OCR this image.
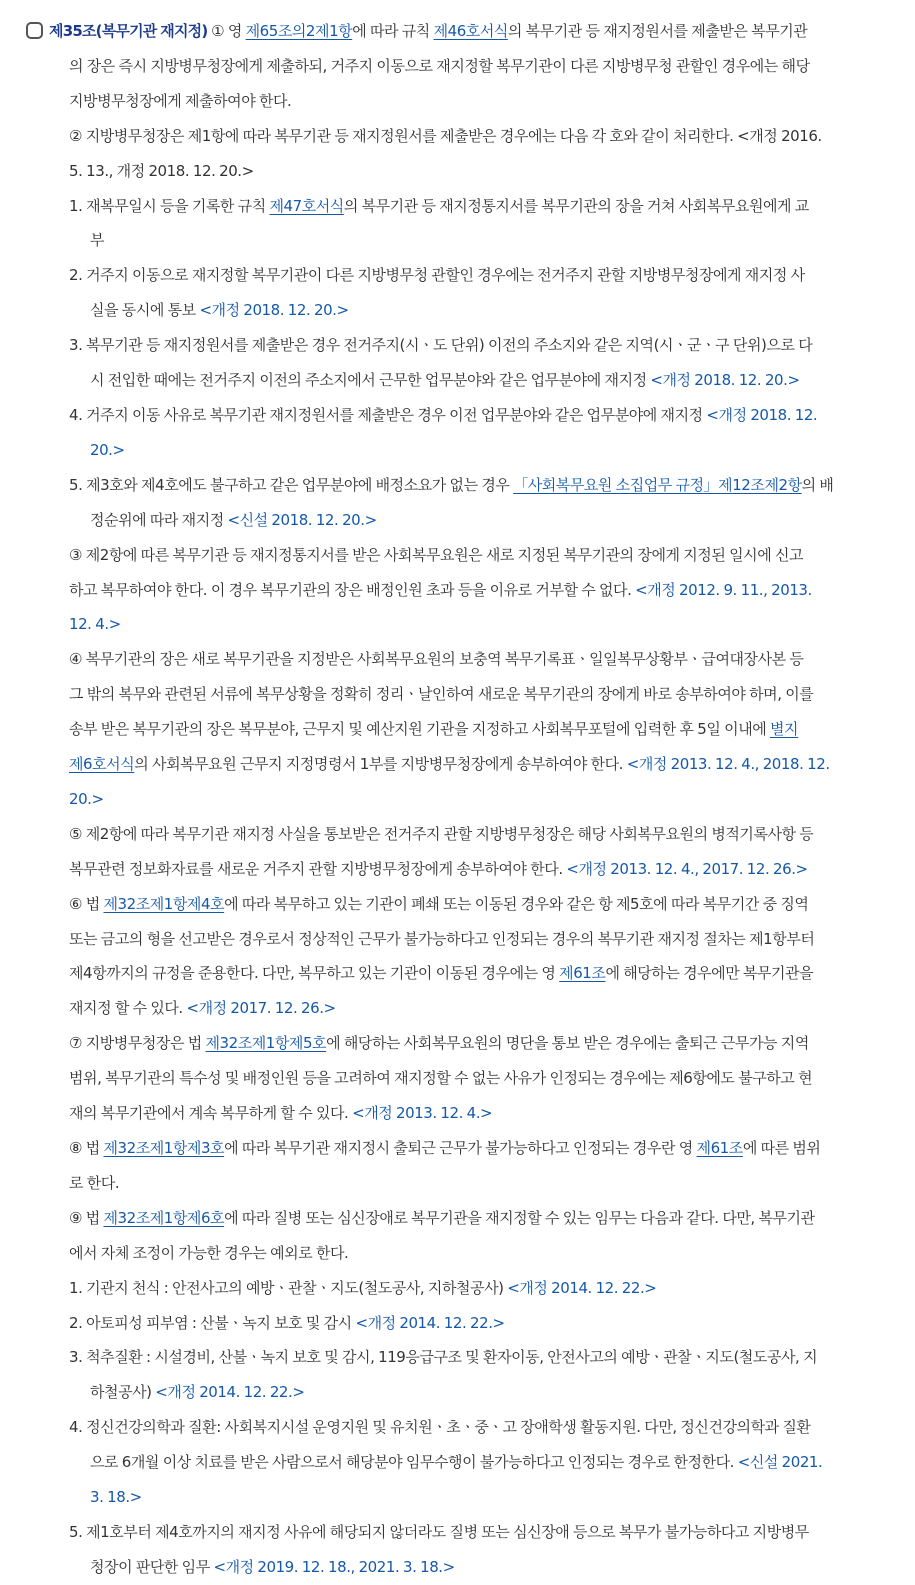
제35조(복무기관 재지정) ① 영 제65조의2제1항에 따라 규칙 제46호서식의 복무기관 등 재지정원서를 제출받은 복무기관
의 장은 즉시 지방병무청장에게 제출하되, 거주지 이동으로 재지정할 복무기관이 다른 지방병무청 관할인 경우에는 해당
지방병무청장에게 제출하여야 한다.
② 지방병무청장은 제1항에 따라 복무기관 등 재지정원서를 제출받은 경우에는 다음 각 호와 같이 처리한다. <개정 2016.
5. 13., 개정 2018. 12. 20.>
1. 재복무일시 등을 기록한 규칙 제47호서식의 복무기관 등 재지정통지서를 복무기관의 장을 거쳐 사회복무요원에게 교
부
2. 거주지 이동으로 재지정할 복무기관이 다른 지방병무청 관할인 경우에는 전거주지 관할 지방병무청장에게 재지정 사
실을 동시에 통보 <개정 2018. 12. 20.>
3. 복무기관 등 재지정원서를 제출받은 경우 전거주지(시ㆍ도 단위) 이전의 주소지와 같은 지역(시ㆍ군ㆍ구 단위)으로 다
시 전입한 때에는 전거주지 이전의 주소지에서 근무한 업무분야와 같은 업무분야에 재지정 <개정 2018. 12. 20.>
4. 거주지 이동 사유로 복무기관 재지정원서를 제출받은 경우 이전 업무분야와 같은 업무분야에 재지정 <개정 2018. 12.
20.>
5. 제3호와 제4호에도 불구하고 같은 업무분야에 배정소요가 없는 경우 「사회복무요원 소집업무 규정」제12조제2항의 배
정순위에 따라 재지정 <신설 2018. 12. 20.>
③ 제2항에 따른 복무기관 등 재지정통지서를 받은 사회복무요원은 새로 지정된 복무기관의 장에게 지정된 일시에 신고
하고 복무하여야 한다. 이 경우 복무기관의 장은 배정인원 초과 등을 이유로 거부할 수 없다. <개정 2012. 9. 11., 2013.
12. 4.>
④ 복무기관의 장은 새로 복무기관을 지정받은 사회복무요원의 보충역 복무기록표ㆍ일일복무상황부ㆍ급여대장사본 등
그 밖의 복무와 관련된 서류에 복무상황을 정확히 정리ㆍ날인하여 새로운 복무기관의 장에게 바로 송부하여야 하며, 이를
송부 받은 복무기관의 장은 복무분야, 근무지 및 예산지원 기관을 지정하고 사회복무포털에 입력한 후 5일 이내에 별지
제6호서식의 사회복무요원 근무지 지정명령서 1부를 지방병무청장에게 송부하여야 한다. <개정 2013. 12. 4., 2018. 12.
20.>
⑤ 제2항에 따라 복무기관 재지정 사실을 통보받은 전거주지 관할 지방병무청장은 해당 사회복무요원의 병적기록사항 등
복무관련 정보화자료를 새로운 거주지 관할 지방병무청장에게 송부하여야 한다. <개정 2013. 12. 4., 2017. 12. 26.>
⑥ 법 제32조제1항제4호에 따라 복무하고 있는 기관이 폐쇄 또는 이동된 경우와 같은 항 제5호에 따라 복무기간 중 징역
또는 금고의 형을 선고받은 경우로서 정상적인 근무가 불가능하다고 인정되는 경우의 복무기관 재지정 절차는 제1항부터
제4항까지의 규정을 준용한다. 다만, 복무하고 있는 기관이 이동된 경우에는 영 제61조에 해당하는 경우에만 복무기관을
재지정 할 수 있다. <개정 2017. 12. 26.>
⑦ 지방병무청장은 법 제32조제1항제5호에 해당하는 사회복무요원의 명단을 통보 받은 경우에는 출퇴근 근무가능 지역
범위, 복무기관의 특수성 및 배정인원 등을 고려하여 재지정할 수 없는 사유가 인정되는 경우에는 제6항에도 불구하고 현
재의 복무기관에서 계속 복무하게 할 수 있다. <개정 2013. 12. 4.>
⑧ 법 제32조제1항제3호에 따라 복무기관 재지정시 출퇴근 근무가 불가능하다고 인정되는 경우란 영 제61조에 따른 범위
로 한다.
⑨ 법 제32조제1항제6호에 따라 질병 또는 심신장애로 복무기관을 재지정할 수 있는 임무는 다음과 같다. 다만, 복무기관
에서 자체 조정이 가능한 경우는 예외로 한다.
1. 기관지 천식 : 안전사고의 예방ㆍ관찰ㆍ지도(철도공사, 지하철공사) <개정 2014. 12. 22.>
2. 아토피성 피부염 : 산불ㆍ녹지 보호 및 감시 <개정 2014. 12. 22.>
3. 척추질환 : 시설경비, 산불ㆍ녹지 보호 및 감시, 119응급구조 및 환자이동, 안전사고의 예방ㆍ관찰ㆍ지도(철도공사, 지
하철공사) <개정 2014. 12. 22.>
4. 정신건강의학과 질환: 사회복지시설 운영지원 및 유치원ㆍ초ㆍ중ㆍ고 장애학생 활동지원. 다만, 정신건강의학과 질환
으로 6개월 이상 치료를 받은 사람으로서 해당분야 임무수행이 불가능하다고 인정되는 경우로 한정한다. <신설 2021.
3. 18.>
5. 제1호부터 제4호까지의 재지정 사유에 해당되지 않더라도 질병 또는 심신장애 등으로 복무가 불가능하다고 지방병무
청장이 판단한 임무 <개정 2019. 12. 18., 2021. 3. 18.>
